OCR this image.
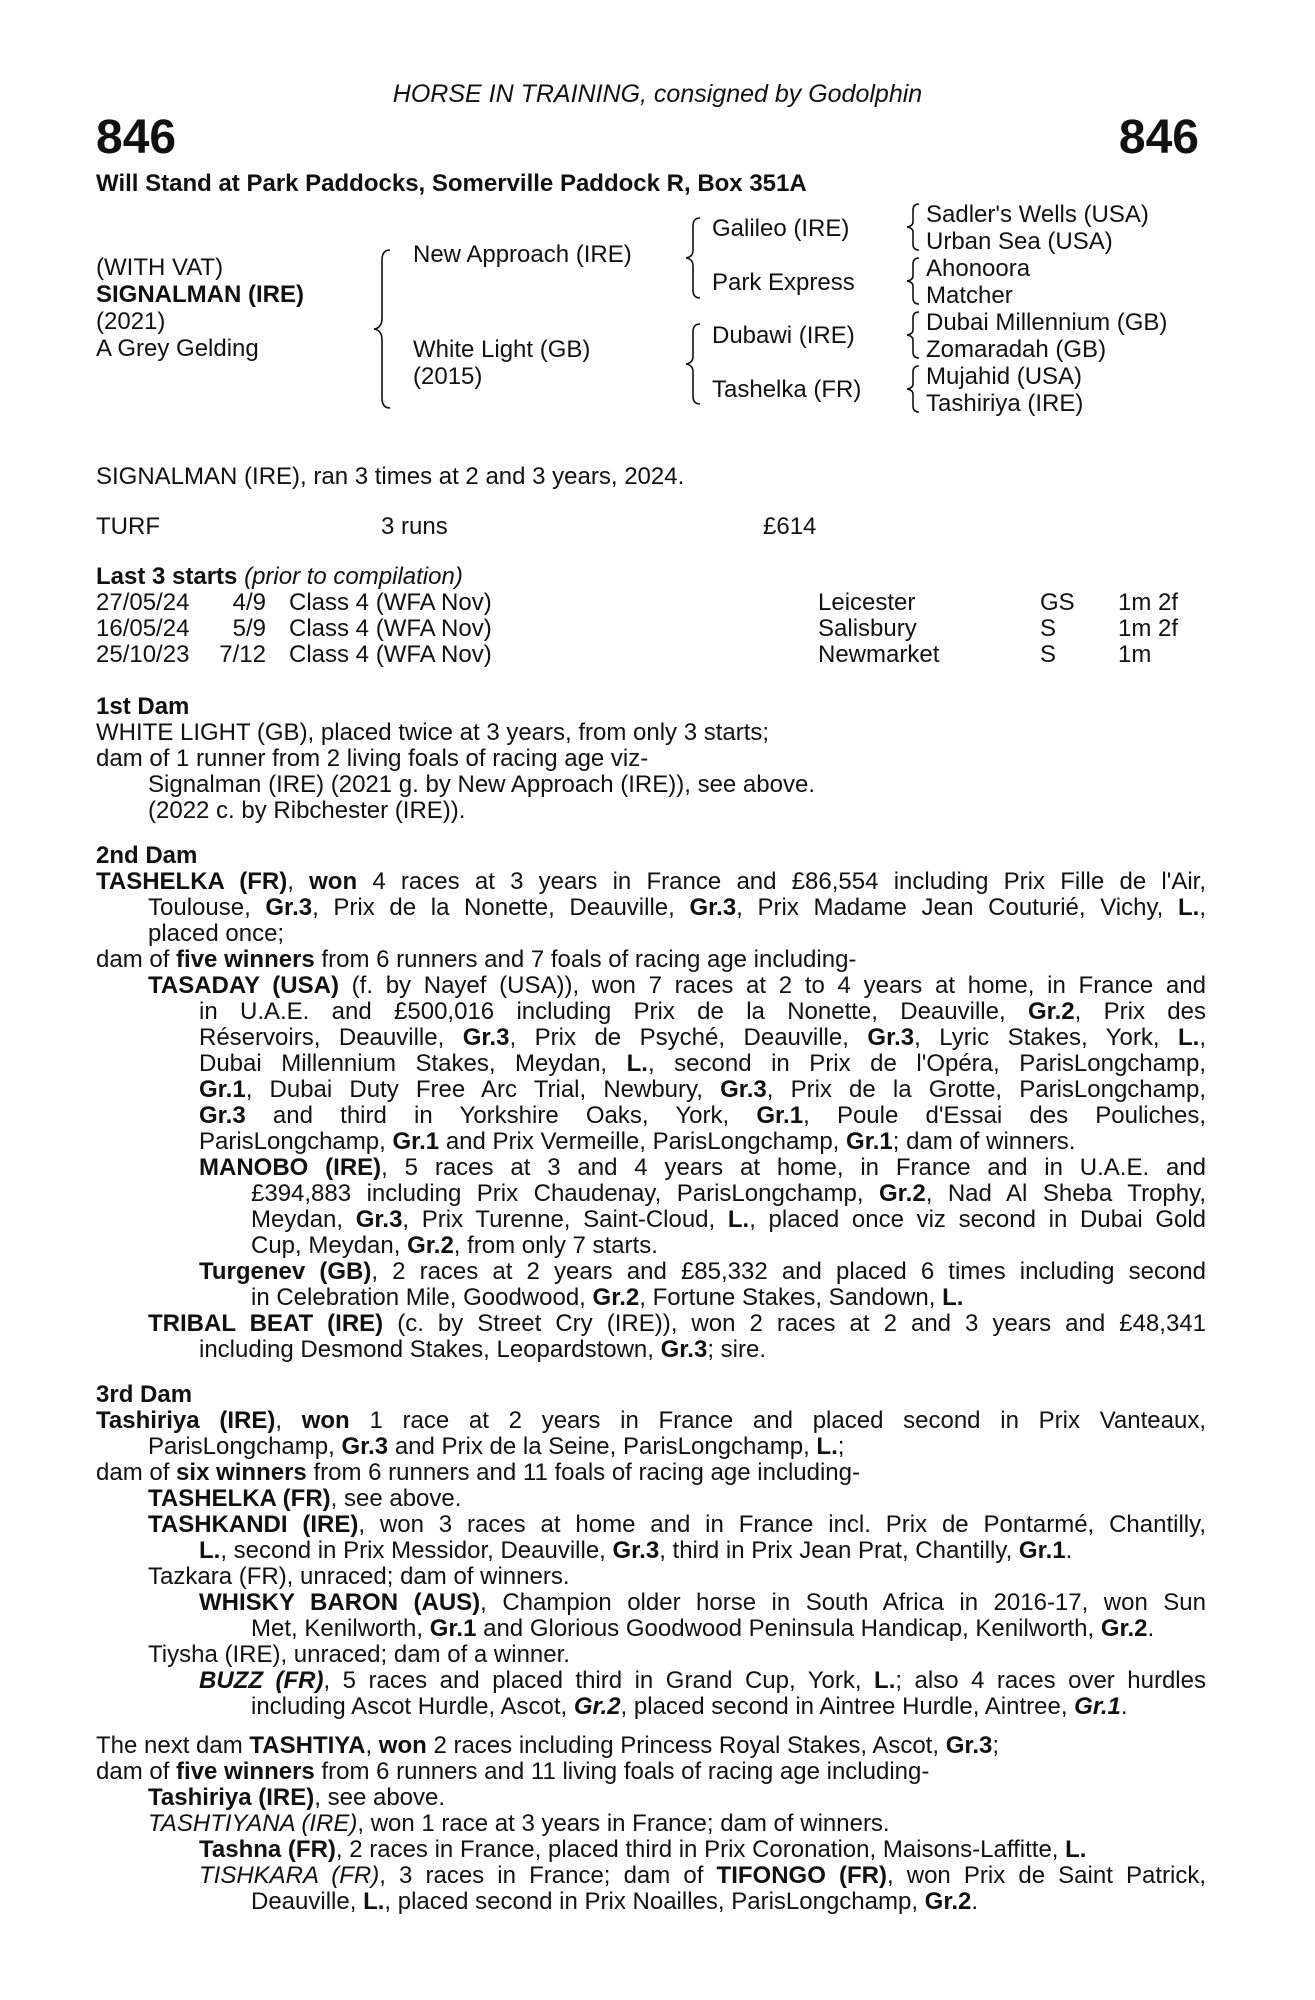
HORSE IN TRAINING, consigned by Godolphin
846	846
Will Stand at Park Paddocks, Somerville Paddock R, Box 351A
(WITH VAT)
SIGNALMAN (IRE)
(2021)
A Grey Gelding
New Approach (IRE)
White Light (GB)
(2015)
Galileo (IRE)
Park Express
Dubawi (IRE)
Tashelka (FR)
Sadler's Wells (USA)
Urban Sea (USA)
Ahonoora
Matcher
Dubai Millennium (GB)
Zomaradah (GB)
Mujahid (USA)
Tashiriya (IRE)
SIGNALMAN (IRE), ran 3 times at 2 and 3 years, 2024.
TURF	3 runs	£614
Last 3 starts (prior to compilation)
27/05/24 4/9 Class 4 (WFA Nov)	Leicester	GS 1m 2f
16/05/24 5/9 Class 4 (WFA Nov)	Salisbury	S	1m 2f
25/10/23 7/12 Class 4 (WFA Nov)	Newmarket	S	1m
1st Dam
WHITE LIGHT (GB), placed twice at 3 years, from only 3 starts;
dam of 1 runner from 2 living foals of racing age viz-
Signalman (IRE) (2021 g. by New Approach (IRE)), see above.
(2022 c. by Ribchester (IRE)).
2nd Dam
TASHELKA (FR), won 4 races at 3 years in France and £86,554 including Prix Fille de l'Air,
Toulouse, Gr.3, Prix de la Nonette, Deauville, Gr.3, Prix Madame Jean Couturié, Vichy, L.,
placed once;
dam of five winners from 6 runners and 7 foals of racing age including-
TASADAY (USA) (f. by Nayef (USA)), won 7 races at 2 to 4 years at home, in France and
in U.A.E. and £500,016 including Prix de la Nonette, Deauville, Gr.2, Prix des
Réservoirs, Deauville, Gr.3, Prix de Psyché, Deauville, Gr.3, Lyric Stakes, York, L.,
Dubai Millennium Stakes, Meydan, L., second in Prix de l'Opéra, ParisLongchamp,
Gr.1, Dubai Duty Free Arc Trial, Newbury, Gr.3, Prix de la Grotte, ParisLongchamp,
Gr.3 and third in Yorkshire Oaks, York, Gr.1, Poule d'Essai des Pouliches,
ParisLongchamp, Gr.1 and Prix Vermeille, ParisLongchamp, Gr.1; dam of winners.
MANOBO (IRE), 5 races at 3 and 4 years at home, in France and in U.A.E. and
£394,883 including Prix Chaudenay, ParisLongchamp, Gr.2, Nad Al Sheba Trophy,
Meydan, Gr.3, Prix Turenne, Saint-Cloud, L., placed once viz second in Dubai Gold
Cup, Meydan, Gr.2, from only 7 starts.
Turgenev (GB), 2 races at 2 years and £85,332 and placed 6 times including second
in Celebration Mile, Goodwood, Gr.2, Fortune Stakes, Sandown, L.
TRIBAL BEAT (IRE) (c. by Street Cry (IRE)), won 2 races at 2 and 3 years and £48,341
including Desmond Stakes, Leopardstown, Gr.3; sire.
3rd Dam
Tashiriya (IRE), won 1 race at 2 years in France and placed second in Prix Vanteaux,
ParisLongchamp, Gr.3 and Prix de la Seine, ParisLongchamp, L.;
dam of six winners from 6 runners and 11 foals of racing age including-
TASHELKA (FR), see above.
TASHKANDI (IRE), won 3 races at home and in France incl. Prix de Pontarmé, Chantilly,
L., second in Prix Messidor, Deauville, Gr.3, third in Prix Jean Prat, Chantilly, Gr.1.
Tazkara (FR), unraced; dam of winners.
WHISKY BARON (AUS), Champion older horse in South Africa in 2016-17, won Sun
Met, Kenilworth, Gr.1 and Glorious Goodwood Peninsula Handicap, Kenilworth, Gr.2.
Tiysha (IRE), unraced; dam of a winner.
BUZZ (FR), 5 races and placed third in Grand Cup, York, L.; also 4 races over hurdles
including Ascot Hurdle, Ascot, Gr.2, placed second in Aintree Hurdle, Aintree, Gr.1.
The next dam TASHTIYA, won 2 races including Princess Royal Stakes, Ascot, Gr.3;
dam of five winners from 6 runners and 11 living foals of racing age including-
Tashiriya (IRE), see above.
TASHTIYANA (IRE), won 1 race at 3 years in France; dam of winners.
Tashna (FR), 2 races in France, placed third in Prix Coronation, Maisons-Laffitte, L.
TISHKARA (FR), 3 races in France; dam of TIFONGO (FR), won Prix de Saint Patrick,
Deauville, L., placed second in Prix Noailles, ParisLongchamp, Gr.2.
